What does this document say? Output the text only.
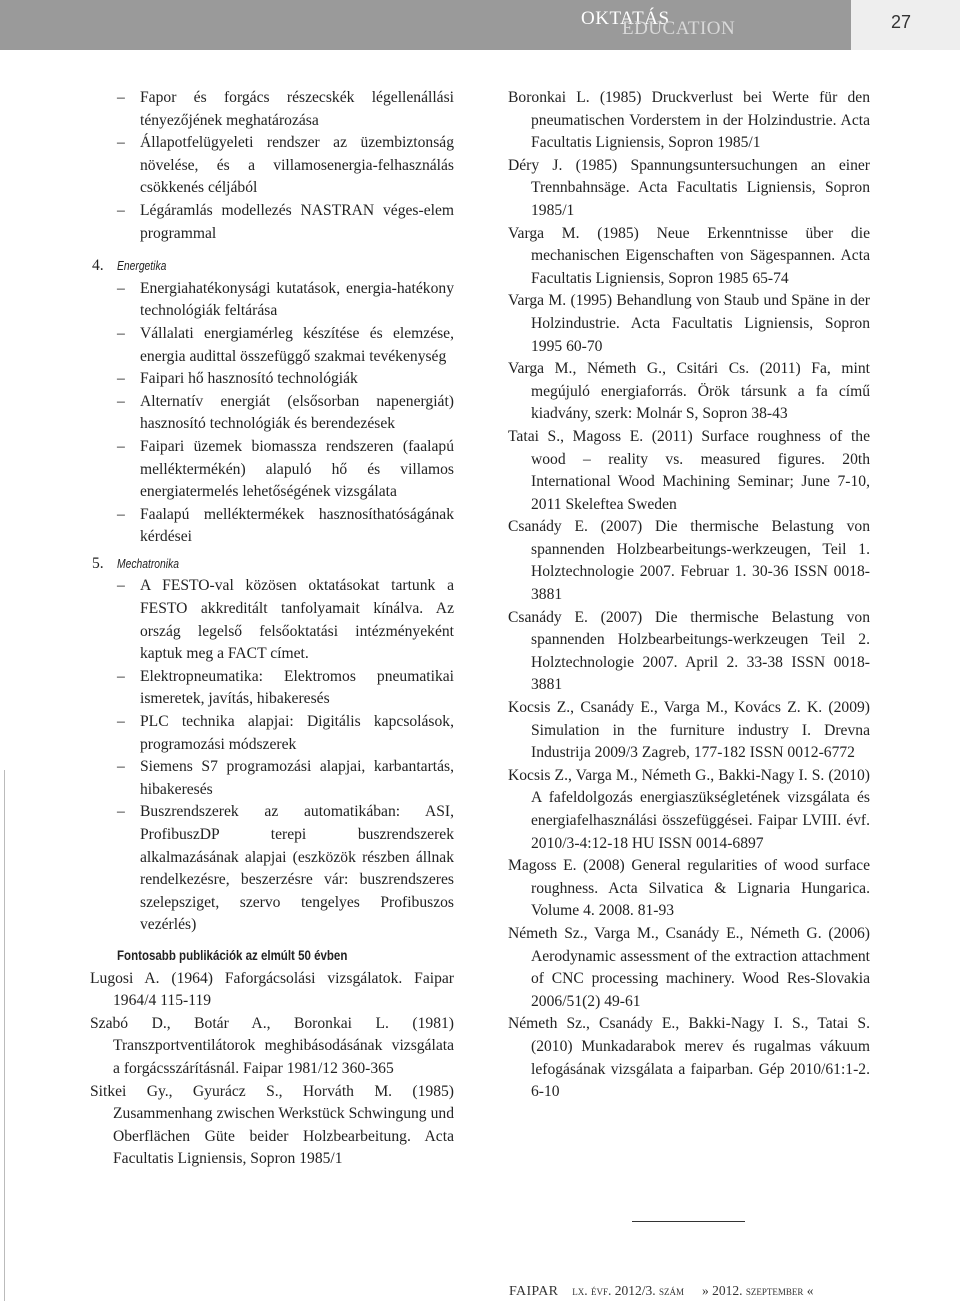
OKTATÁS
EDUCATION	27
– Fapor és forgács részecskék légellenállási tényezőjének meghatározása
– Állapotfelügyeleti rendszer az üzembiztonság növelése, és a villamosenergia-felhasználás csökkenés céljából
– Légáramlás modellezés NASTRAN véges-elem programmal
4. Energetika
– Energiahatékonysági kutatások, energia-hatékony technológiák feltárása
– Vállalati energiamérleg készítése és elemzése, energia audittal összefüggő szakmai tevékenység
– Faipari hő hasznosító technológiák
– Alternatív energiát (elsősorban napenergiát) hasznosító technológiák és berendezések
– Faipari üzemek biomassza rendszeren (faalapú melléktermékén) alapuló hő és villamos energiatermelés lehetőségének vizsgálata
– Faalapú melléktermékek hasznosíthatóságának kérdései
5. Mechatronika
– A FESTO-val közösen oktatásokat tartunk a FESTO akkreditált tanfolyamait kínálva. Az ország legelső felsőoktatási intézményeként kaptuk meg a FACT címet.
– Elektropneumatika: Elektromos pneumatikai ismeretek, javítás, hibakeresés
– PLC technika alapjai: Digitális kapcsolások, programozási módszerek
– Siemens S7 programozási alapjai, karbantartás, hibakeresés
– Buszrendszerek az automatikában: ASI, ProfibuszDP terepi buszrendszerek alkalmazásának alapjai (eszközök részben állnak rendelkezésre, beszerzésre vár: buszrendszeres szelepsziget, szervo tengelyes Profibuszos vezérlés)
Fontosabb publikációk az elmúlt 50 évben
Lugosi A. (1964) Faforgácsolási vizsgálatok. Faipar 1964/4 115-119
Szabó D., Botár A., Boronkai L. (1981) Transzportventilátorok meghibásodásának vizsgálata a forgácsszárításnál. Faipar 1981/12 360-365
Sitkei Gy., Gyurácz S., Horváth M. (1985) Zusammenhang zwischen Werkstück Schwingung und Oberflächen Güte beider Holzbearbeitung. Acta Facultatis Ligniensis, Sopron 1985/1
Boronkai L. (1985) Druckverlust bei Werte für den pneumatischen Vorderstem in der Holzindustrie. Acta Facultatis Ligniensis, Sopron 1985/1
Déry J. (1985) Spannungsuntersuchungen an einer Trennbahnsäge. Acta Facultatis Ligniensis, Sopron 1985/1
Varga M. (1985) Neue Erkenntnisse über die mechanischen Eigenschaften von Sägespannen. Acta Facultatis Ligniensis, Sopron 1985 65-74
Varga M. (1995) Behandlung von Staub und Späne in der Holzindustrie. Acta Facultatis Ligniensis, Sopron 1995 60-70
Varga M., Németh G., Csitári Cs. (2011) Fa, mint megújuló energiaforrás. Örök társunk a fa című kiadvány, szerk: Molnár S, Sopron 38-43
Tatai S., Magoss E. (2011) Surface roughness of the wood – reality vs. measured figures. 20th International Wood Machining Seminar; June 7-10, 2011 Skeleftea Sweden
Csanády E. (2007) Die thermische Belastung von spannenden Holzbearbeitungs-werkzeugen, Teil 1. Holztechnologie 2007. Februar 1. 30-36 ISSN 0018-3881
Csanády E. (2007) Die thermische Belastung von spannenden Holzbearbeitungs-werkzeugen Teil 2. Holztechnologie 2007. April 2. 33-38 ISSN 0018-3881
Kocsis Z., Csanády E., Varga M., Kovács Z. K. (2009) Simulation in the furniture industry I. Drevna Industrija 2009/3 Zagreb, 177-182 ISSN 0012-6772
Kocsis Z., Varga M., Németh G., Bakki-Nagy I. S. (2010) A fafeldolgozás energiaszükségletének vizsgálata és energiafelhasználási összefüggései. Faipar LVIII. évf. 2010/3-4:12-18 HU ISSN 0014-6897
Magoss E. (2008) General regularities of wood surface roughness. Acta Silvatica & Lignaria Hungarica. Volume 4. 2008. 81-93
Németh Sz., Varga M., Csanády E., Németh G. (2006) Aerodynamic assessment of the extraction attachment of CNC processing machinery. Wood Res-Slovakia 2006/51(2) 49-61
Németh Sz., Csanády E., Bakki-Nagy I. S., Tatai S. (2010) Munkadarabok merev és rugalmas vákuum lefogásának vizsgálata a faiparban. Gép 2010/61:1-2. 6-10
FAIPAR lx. évf. 2012/3. szám » 2012. szeptember «
